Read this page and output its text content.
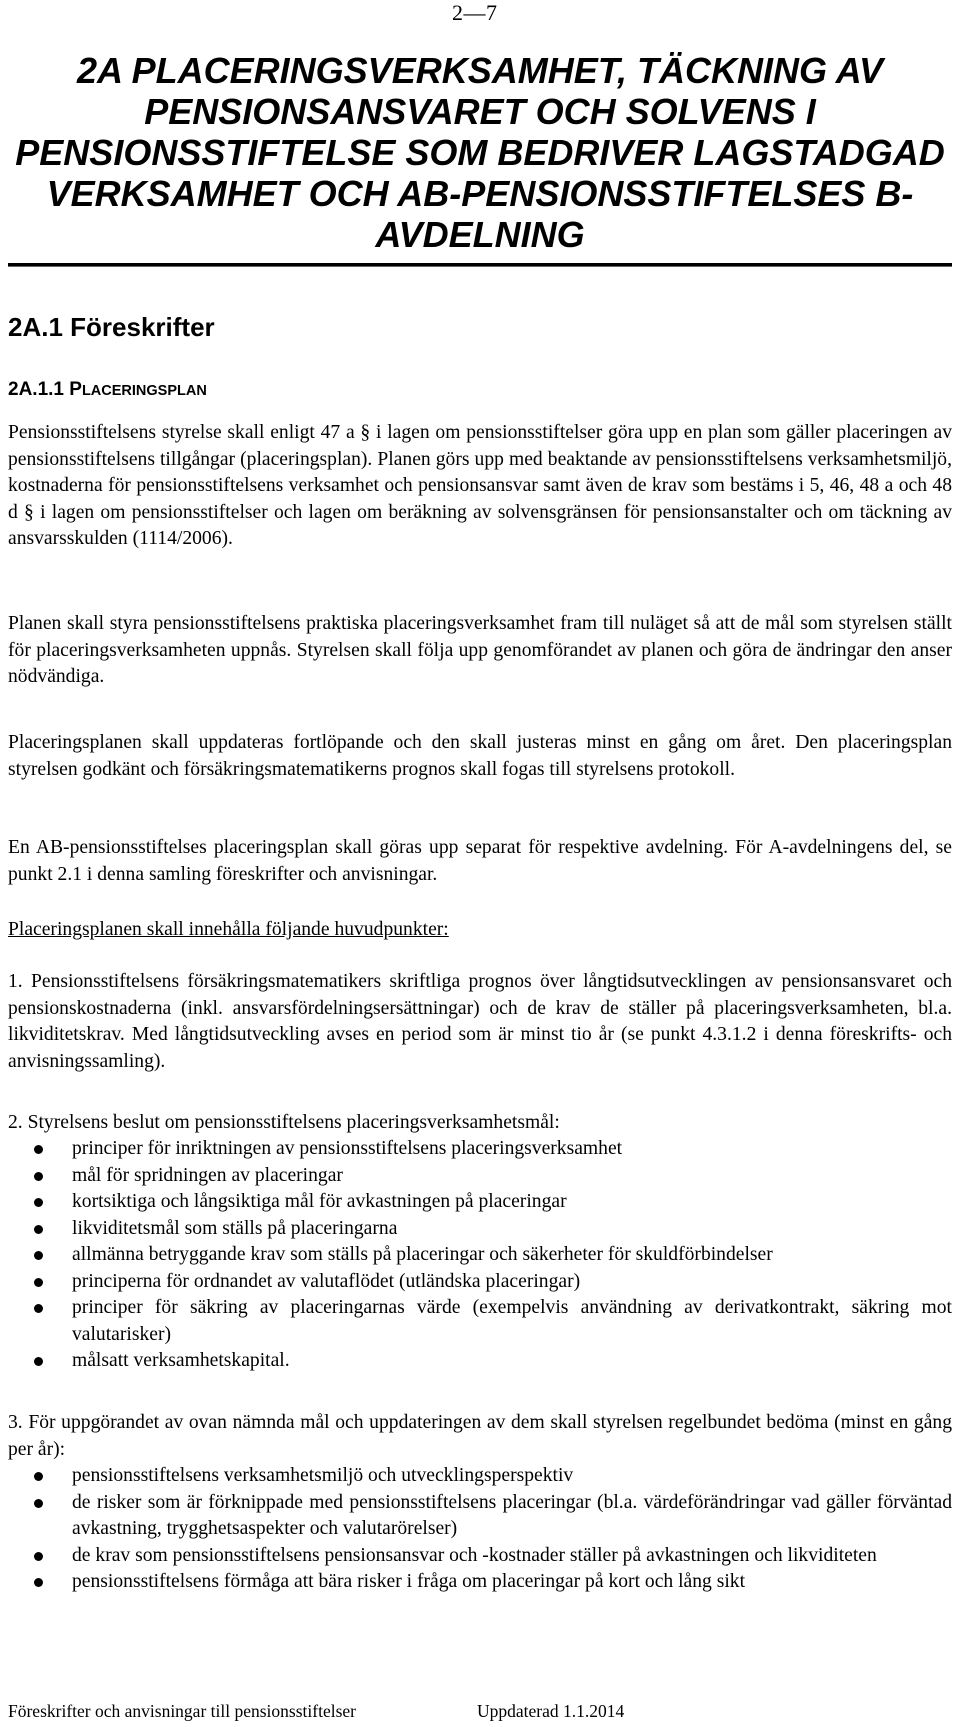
2—7
2A PLACERINGSVERKSAMHET, TÄCKNING AV PENSIONSANSVARET OCH SOLVENS I PENSIONSSTIFTELSE SOM BEDRIVER LAGSTADGAD VERKSAMHET OCH AB-PENSIONSSTIFTELSES B-AVDELNING
2A.1 Föreskrifter
2A.1.1 PLACERINGSPLAN

Pensionsstiftelsens styrelse skall enligt 47 a § i lagen om pensionsstiftelser göra upp en plan som gäller placeringen av pensionsstiftelsens tillgångar (placeringsplan). Planen görs upp med beaktande av pensionsstiftelsens verksamhetsmiljö, kostnaderna för pensionsstiftelsens verksamhet och pensionsansvar samt även de krav som bestäms i 5, 46, 48 a och 48 d § i lagen om pensionsstiftelser och lagen om beräkning av solvensgränsen för pensionsanstalter och om täckning av ansvarsskulden (1114/2006).

Planen skall styra pensionsstiftelsens praktiska placeringsverksamhet fram till nuläget så att de mål som styrelsen ställt för placeringsverksamheten uppnås. Styrelsen skall följa upp genomförandet av planen och göra de ändringar den anser nödvändiga.

Placeringsplanen skall uppdateras fortlöpande och den skall justeras minst en gång om året. Den placeringsplan styrelsen godkänt och försäkringsmatematikerns prognos skall fogas till styrelsens protokoll.

En AB-pensionsstiftelses placeringsplan skall göras upp separat för respektive avdelning. För A-avdelningens del, se punkt 2.1 i denna samling föreskrifter och anvisningar.

Placeringsplanen skall innehålla följande huvudpunkter:

1. Pensionsstiftelsens försäkringsmatematikers skriftliga prognos över långtidsutvecklingen av pensionsansvaret och pensionskostnaderna (inkl. ansvarsfördelningsersättningar) och de krav de ställer på placeringsverksamheten, bl.a. likviditetskrav. Med långtidsutveckling avses en period som är minst tio år (se punkt 4.3.1.2 i denna föreskrifts- och anvisningssamling).

2. Styrelsens beslut om pensionsstiftelsens placeringsverksamhetsmål:

principer för inriktningen av pensionsstiftelsens placeringsverksamhet
mål för spridningen av placeringar
kortsiktiga och långsiktiga mål för avkastningen på placeringar
likviditetsmål som ställs på placeringarna
allmänna betryggande krav som ställs på placeringar och säkerheter för skuldförbindelser
principerna för ordnandet av valutaflödet (utländska placeringar)
principer för säkring av placeringarnas värde (exempelvis användning av derivatkontrakt, säkring mot valutarisker)
målsatt verksamhetskapital.

3. För uppgörandet av ovan nämnda mål och uppdateringen av dem skall styrelsen regelbundet bedöma (minst en gång per år):

pensionsstiftelsens verksamhetsmiljö och utvecklingsperspektiv
de risker som är förknippade med pensionsstiftelsens placeringar (bl.a. värdeförändringar vad gäller förväntad avkastning, trygghetsaspekter och valutarörelser)
de krav som pensionsstiftelsens pensionsansvar och -kostnader ställer på avkastningen och likviditeten
pensionsstiftelsens förmåga att bära risker i fråga om placeringar på kort och lång sikt
Föreskrifter och anvisningar till pensionsstiftelser	Uppdaterad 1.1.2014
